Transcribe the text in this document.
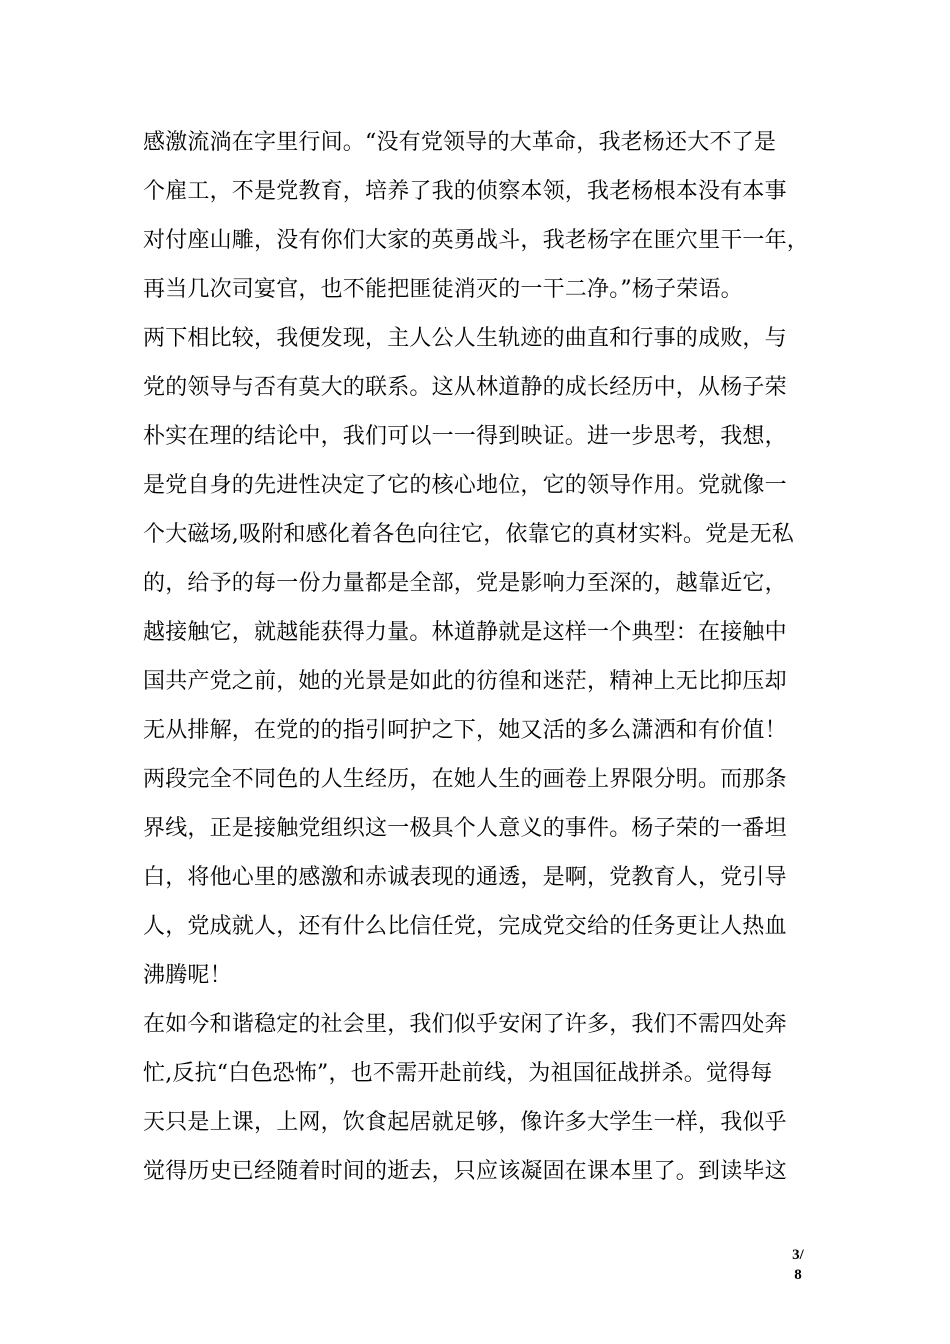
感激流淌在字里行间。“没有党领导的大革命，我老杨还大不了是
个雇工，不是党教育，培养了我的侦察本领，我老杨根本没有本事
对付座山雕，没有你们大家的英勇战斗，我老杨字在匪穴里干一年，
再当几次司宴官，也不能把匪徒消灭的一干二净。”杨子荣语。
两下相比较，我便发现，主人公人生轨迹的曲直和行事的成败，与
党的领导与否有莫大的联系。这从林道静的成长经历中，从杨子荣
朴实在理的结论中，我们可以一一得到映证。进一步思考，我想，
是党自身的先进性决定了它的核心地位，它的领导作用。党就像一
个大磁场,吸附和感化着各色向往它，依靠它的真材实料。党是无私
的，给予的每一份力量都是全部，党是影响力至深的，越靠近它，
越接触它，就越能获得力量。林道静就是这样一个典型：在接触中
国共产党之前，她的光景是如此的彷徨和迷茫，精神上无比抑压却
无从排解，在党的的指引呵护之下，她又活的多么潇洒和有价值！
两段完全不同色的人生经历，在她人生的画卷上界限分明。而那条
界线，正是接触党组织这一极具个人意义的事件。杨子荣的一番坦
白，将他心里的感激和赤诚表现的通透，是啊，党教育人，党引导
人，党成就人，还有什么比信任党，完成党交给的任务更让人热血
沸腾呢！
在如今和谐稳定的社会里，我们似乎安闲了许多，我们不需四处奔
忙,反抗“白色恐怖”，也不需开赴前线，为祖国征战拼杀。觉得每
天只是上课，上网，饮食起居就足够，像许多大学生一样，我似乎
觉得历史已经随着时间的逝去，只应该凝固在课本里了。到读毕这
3/
8
